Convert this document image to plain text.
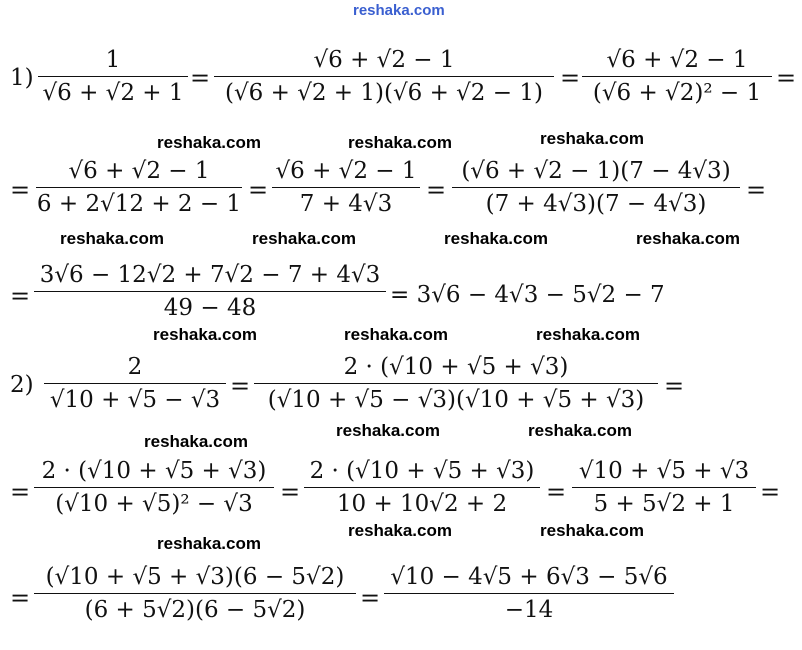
reshaka.com
1)
1
√6 + √2 + 1
=
√6 + √2 − 1
(√6 + √2 + 1)(√6 + √2 − 1)
=
√6 + √2 − 1
(√6 + √2)² − 1
=
reshaka.com	reshaka.com	reshaka.com
=
√6 + √2 − 1
6 + 2√12 + 2 − 1 =
√6 + √2 − 1
7 + 4√3	=
(√6 + √2 − 1)(7 − 4√3)
(7 + 4√3)(7 − 4√3)	=
reshaka.com	reshaka.com	reshaka.com	reshaka.com
=
3√6 − 12√2 + 7√2 − 7 + 4√3
49 − 48	= 3√6 − 4√3 − 5√2 − 7
reshaka.com	reshaka.com	reshaka.com
2)
2
√10 + √5 − √3 =
2 · (√10 + √5 + √3)
(√10 + √5 − √3)(√10 + √5 + √3) =
reshaka.com
reshaka.com	reshaka.com
=
2 · (√10 + √5 + √3)
(√10 + √5)² − √3	=
2 · (√10 + √5 + √3)
10 + 10√2 + 2	=
√10 + √5 + √3
5 + 5√2 + 1	=
reshaka.com
reshaka.com	reshaka.com
=
(√10 + √5 + √3)(6 − 5√2)
(6 + 5√2)(6 − 5√2)	=
√10 − 4√5 + 6√3 − 5√6
−14
